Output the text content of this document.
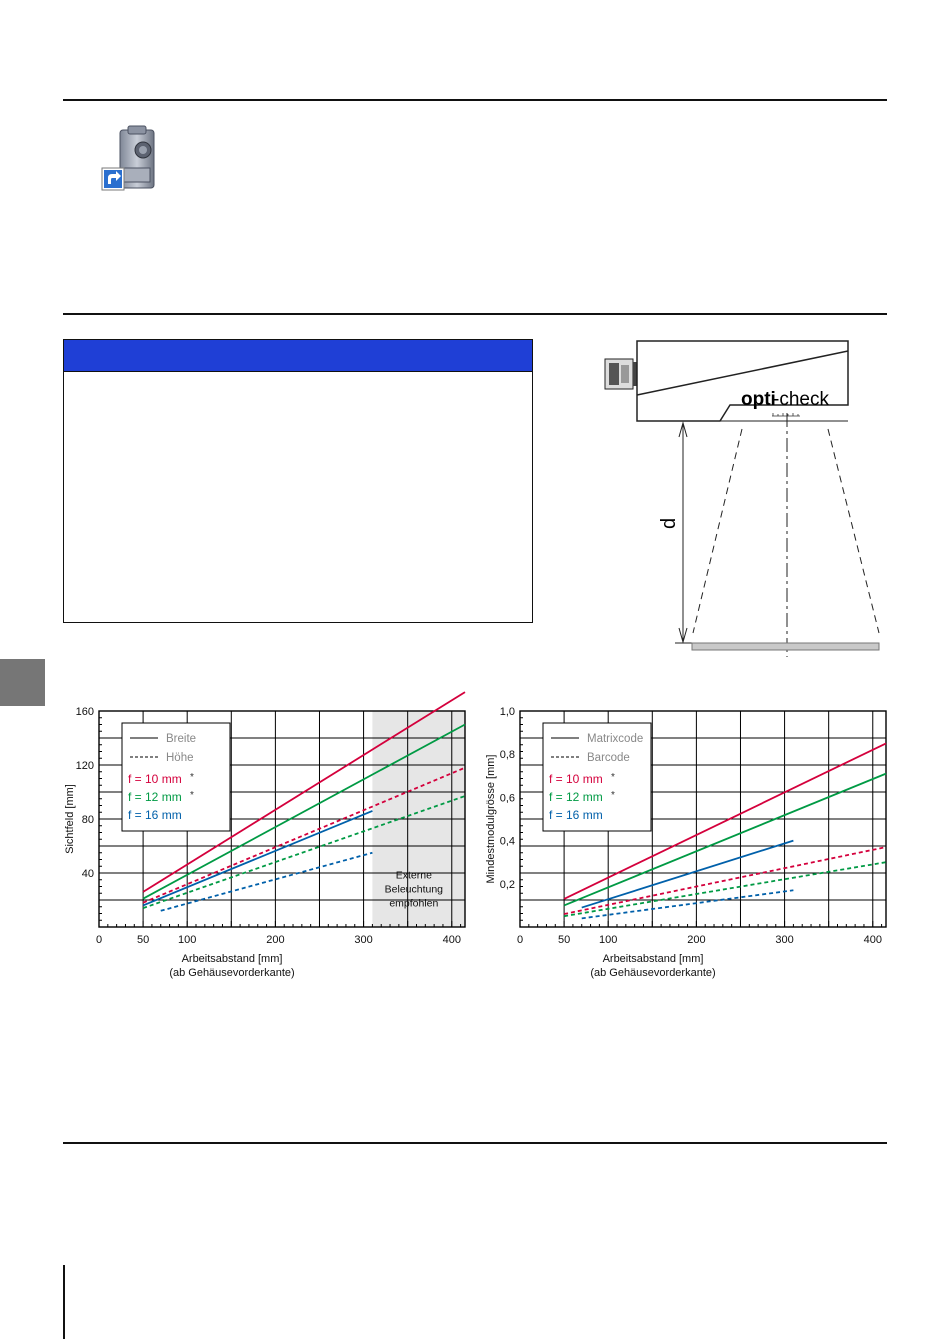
opti
-check
d
Externe
Beleuchtung
empfohlen
40
80
120
160
0	50	100	200	300	400
Arbeitsabstand [mm]
(ab Gehäusevorderkante)
Sichtfeld [mm]
Breite
Höhe
f = 10 mm *
f = 12 mm *
f = 16 mm
0,2
0,4
0,6
0,8
1,0
0	50	100	200	300	400
Arbeitsabstand [mm]
(ab Gehäusevorderkante)
Mindestmodulgrösse [mm]
Matrixcode
Barcode
f = 10 mm *
f = 12 mm *
f = 16 mm
